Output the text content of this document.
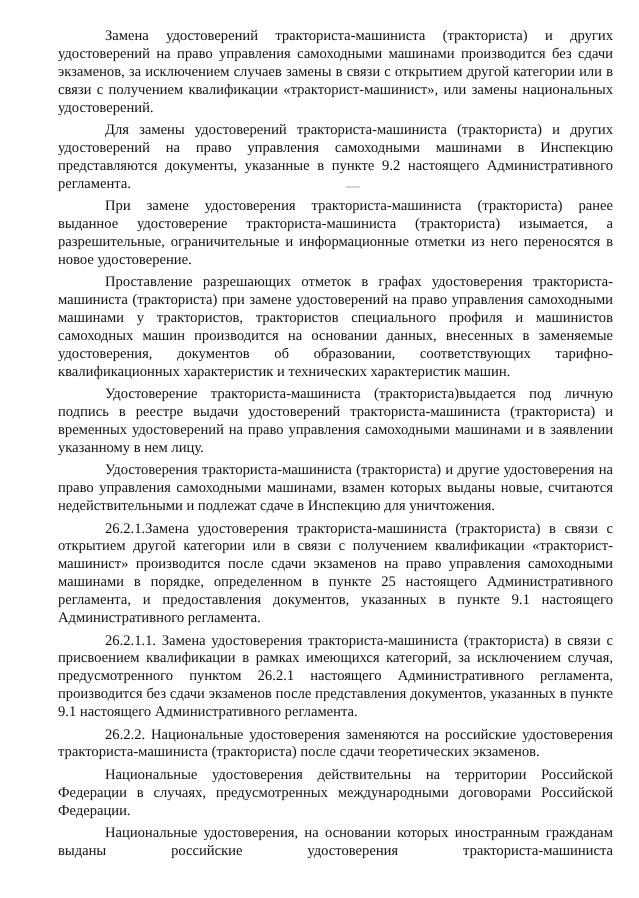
Замена удостоверений тракториста-машиниста (тракториста) и других удостоверений на право управления самоходными машинами производится без сдачи экзаменов, за исключением случаев замены в связи с открытием другой категории или в связи с получением квалификации «тракторист-машинист», или замены национальных удостоверений.

Для замены удостоверений тракториста-машиниста (тракториста) и других удостоверений на право управления самоходными машинами в Инспекцию представляются документы, указанные в пункте 9.2 настоящего Административного регламента.

При замене удостоверения тракториста-машиниста (тракториста) ранее выданное удостоверение тракториста-машиниста (тракториста) изымается, а разрешительные, ограничительные и информационные отметки из него переносятся в новое удостоверение.

Проставление разрешающих отметок в графах удостоверения тракториста-машиниста (тракториста) при замене удостоверений на право управления самоходными машинами у трактористов, трактористов специального профиля и машинистов самоходных машин производится на основании данных, внесенных в заменяемые удостоверения, документов об образовании, соответствующих тарифно-квалификационных характеристик и технических характеристик машин.

Удостоверение тракториста-машиниста (тракториста)выдается под личную подпись в реестре выдачи удостоверений тракториста-машиниста (тракториста) и временных удостоверений на право управления самоходными машинами и в заявлении указанному в нем лицу.

Удостоверения тракториста-машиниста (тракториста) и другие удостоверения на право управления самоходными машинами, взамен которых выданы новые, считаются недействительными и подлежат сдаче в Инспекцию для уничтожения.

26.2.1.Замена удостоверения тракториста-машиниста (тракториста) в связи с открытием другой категории или в связи с получением квалификации «тракторист-машинист» производится после сдачи экзаменов на право управления самоходными машинами в порядке, определенном в пункте 25 настоящего Административного регламента, и предоставления документов, указанных в пункте 9.1 настоящего Административного регламента.

26.2.1.1. Замена удостоверения тракториста-машиниста (тракториста) в связи с присвоением квалификации в рамках имеющихся категорий, за исключением случая, предусмотренного пунктом 26.2.1 настоящего Административного регламента, производится без сдачи экзаменов после представления документов, указанных в пункте 9.1 настоящего Административного регламента.

26.2.2. Национальные удостоверения заменяются на российские удостоверения тракториста-машиниста (тракториста) после сдачи теоретических экзаменов.

Национальные удостоверения действительны на территории Российской Федерации в случаях, предусмотренных международными договорами Российской Федерации.

Национальные удостоверения, на основании которых иностранным гражданам выданы российские удостоверения тракториста-машиниста
